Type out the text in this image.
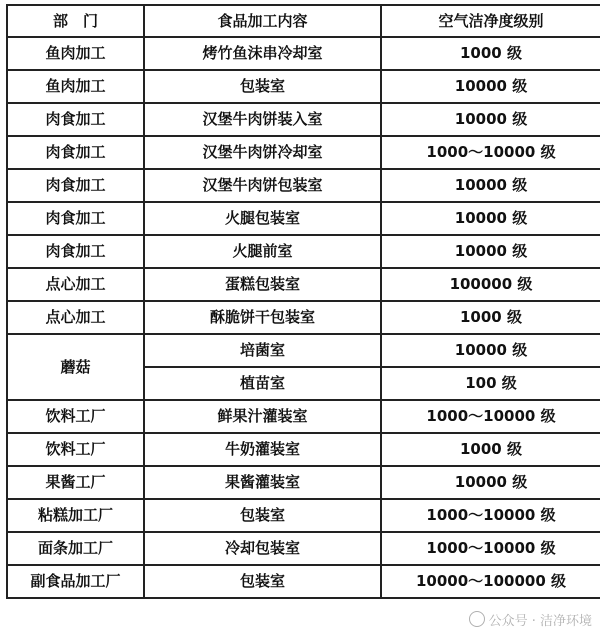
部　门	食品加工内容	空气洁净度级别
鱼肉加工	烤竹鱼沫串冷却室	1000 级
鱼肉加工	包装室	10000 级
肉食加工	汉堡牛肉饼装入室	10000 级
肉食加工	汉堡牛肉饼冷却室	1000～10000 级
肉食加工	汉堡牛肉饼包装室	10000 级
肉食加工	火腿包装室	10000 级
肉食加工	火腿前室	10000 级
点心加工	蛋糕包装室	100000 级
点心加工	酥脆饼干包装室	1000 级
蘑菇	培菌室	10000 级
	植苗室	100 级
饮料工厂	鲜果汁灌装室	1000～10000 级
饮料工厂	牛奶灌装室	1000 级
果酱工厂	果酱灌装室	10000 级
粘糕加工厂	包装室	1000～10000 级
面条加工厂	冷却包装室	1000～10000 级
副食品加工厂	包装室	10000～100000 级
公众号 · 洁净环境
